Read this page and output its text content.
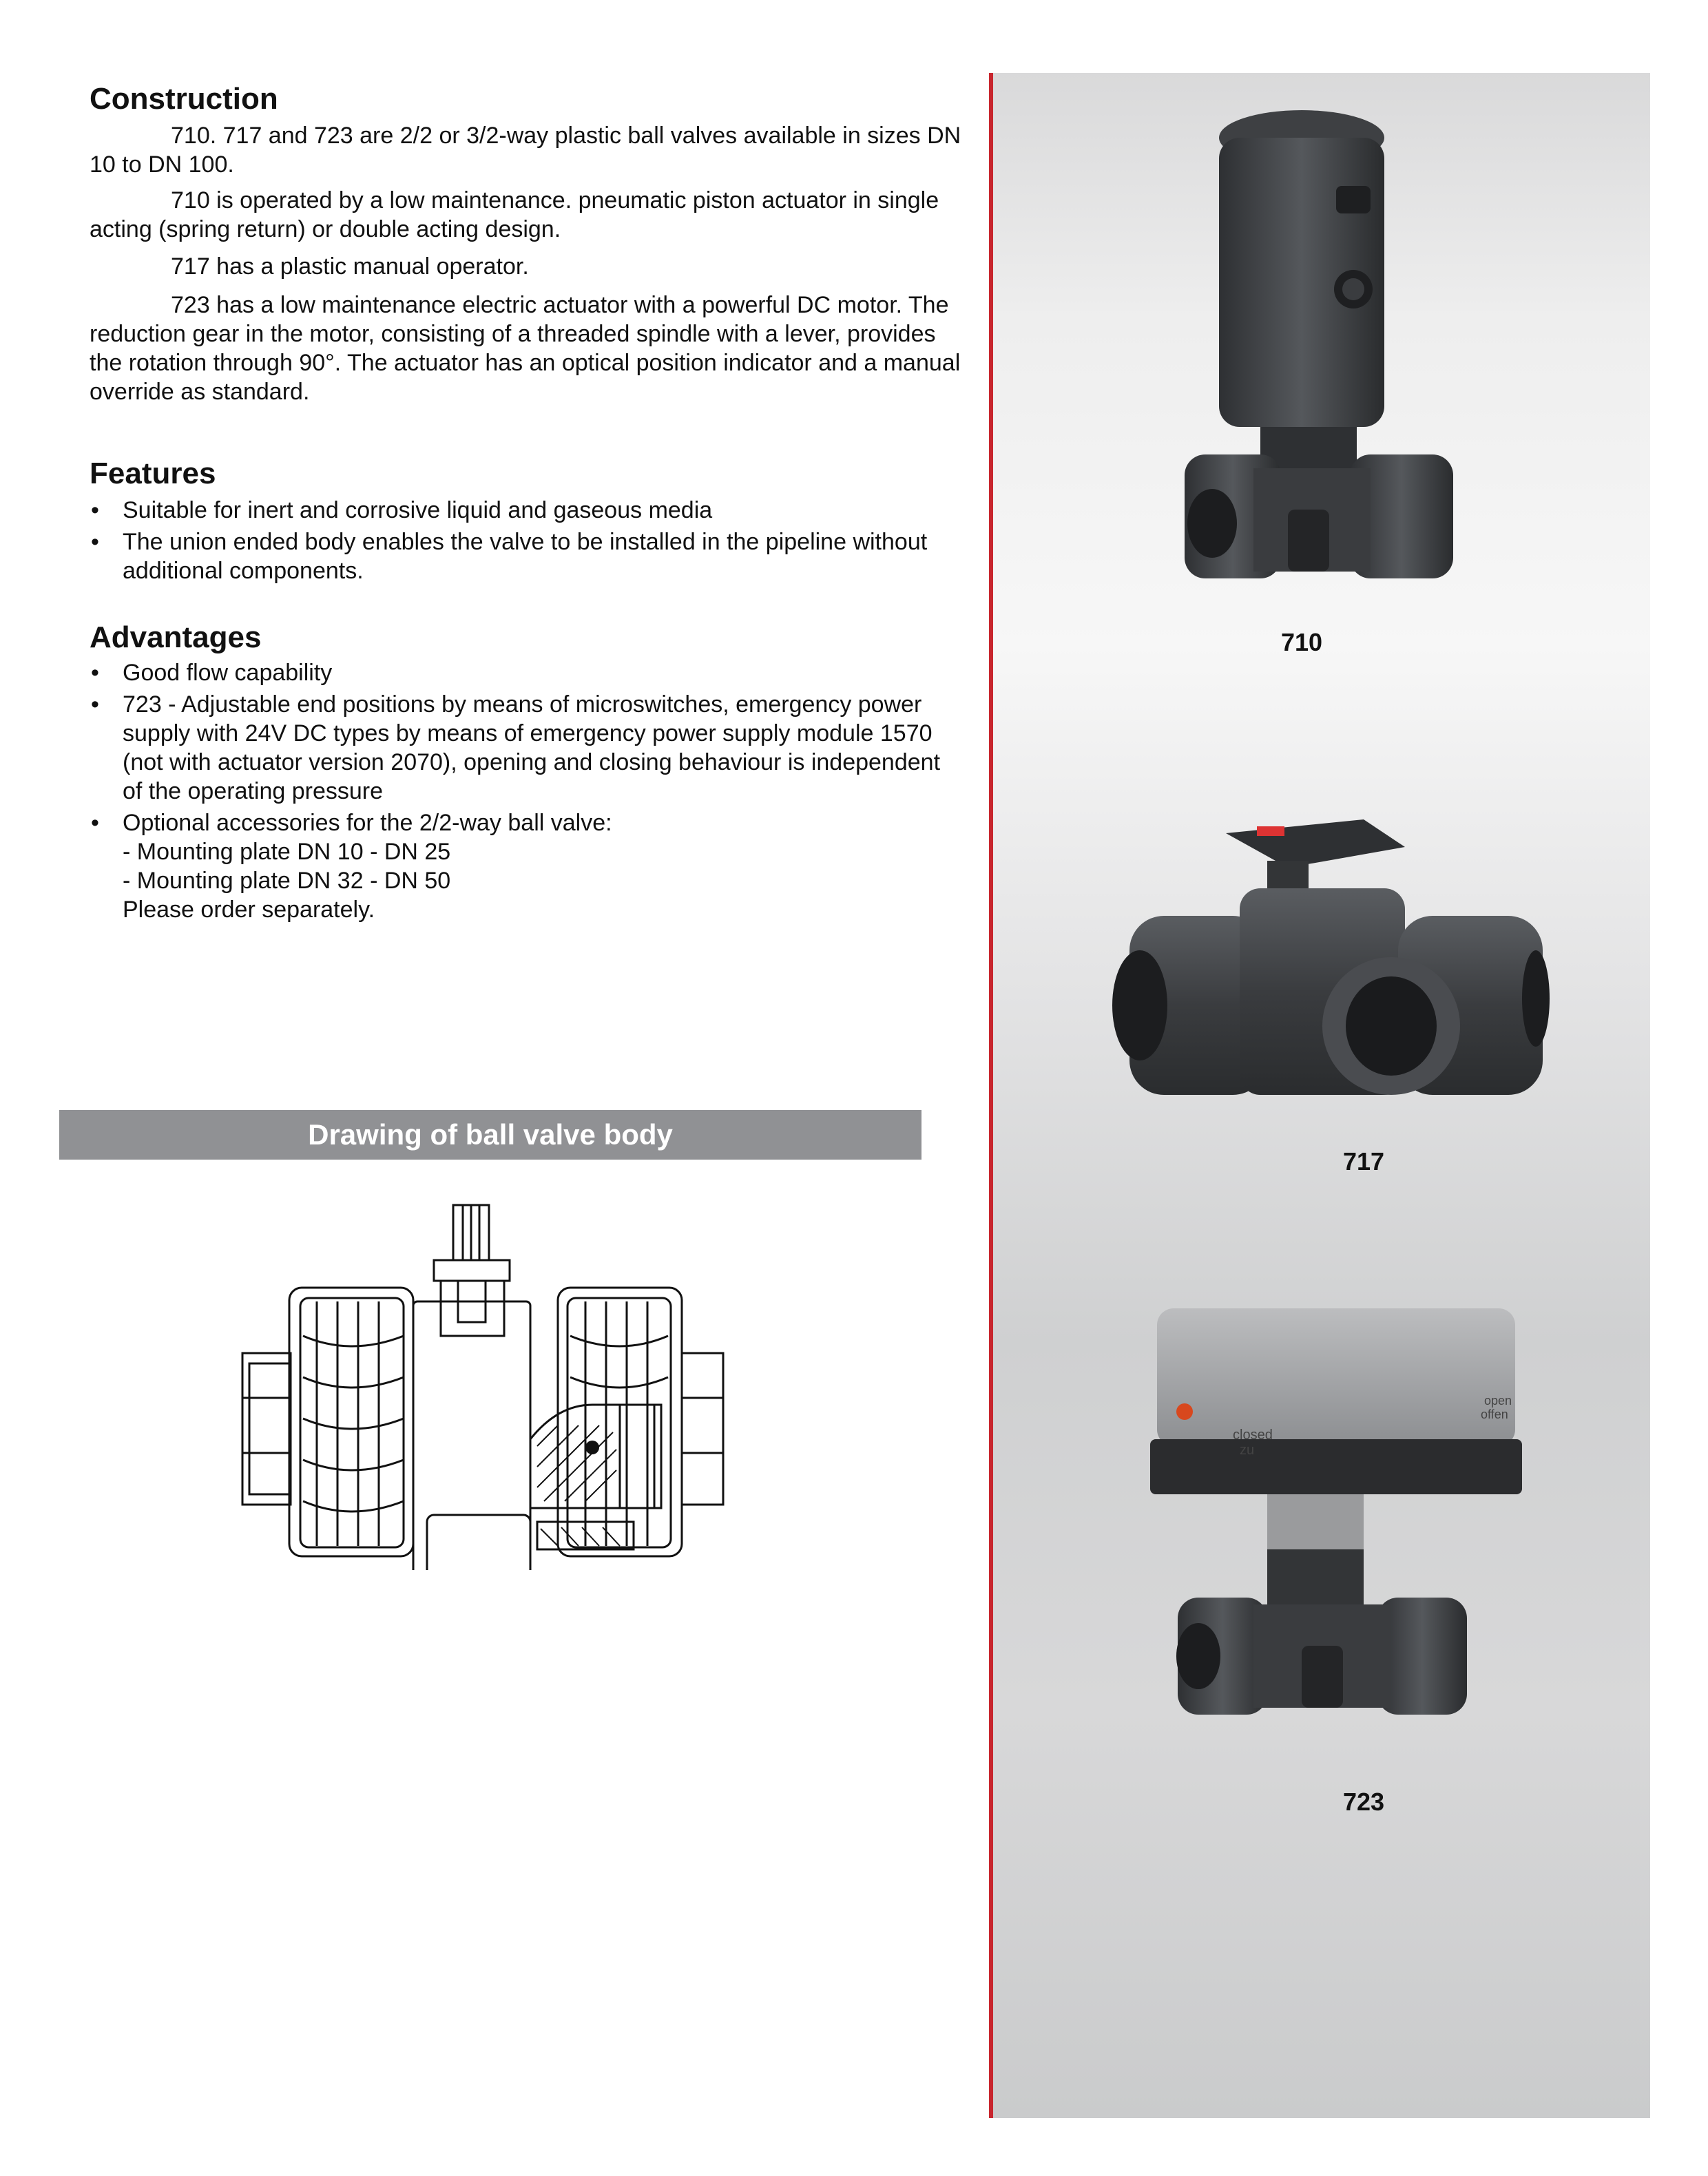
Construction

710. 717 and 723 are 2/2 or 3/2-way plastic ball valves available in sizes DN 10 to DN 100.

710 is operated by a low maintenance. pneumatic piston actuator in single acting (spring return) or double acting design.

717 has a plastic manual operator.

723 has a low maintenance electric actuator with a powerful DC motor. The reduction gear in the motor, consisting of a threaded spindle with a lever, provides the rotation through 90°. The actuator has an optical position indicator and a manual override as standard.

Features
• Suitable for inert and corrosive liquid and gaseous media
• The union ended body enables the valve to be installed in the pipeline without additional components.
Advantages
• Good flow capability
• 723 - Adjustable end positions by means of microswitches, emergency power supply with 24V DC types by means of emergency power supply module 1570 (not with actuator version 2070), opening and closing behaviour is independent of the operating pressure
• Optional accessories for the 2/2-way ball valve:
- Mounting plate DN 10 - DN 25
- Mounting plate DN 32 - DN 50
Please order separately.
Drawing of ball valve body
710
717
closed
zu
open
offen
723
